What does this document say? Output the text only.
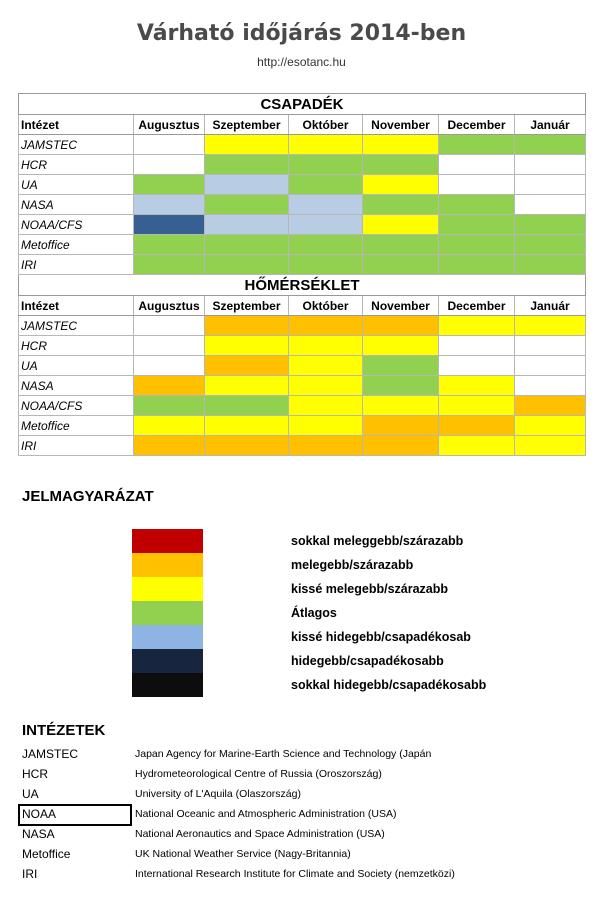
Várható időjárás 2014-ben
http://esotanc.hu
CSAPADÉK						
Intézet	Augusztus	Szeptember	Október	November	December	Január
JAMSTEC						
HCR						
UA						
NASA						
NOAA/CFS						
Metoffice						
IRI						
HŐMÉRSÉKLET						
Intézet	Augusztus	Szeptember	Október	November	December	Január
JAMSTEC						
HCR						
UA						
NASA						
NOAA/CFS						
Metoffice						
IRI						
JELMAGYARÁZAT
sokkal meleggebb/szárazabb
melegebb/szárazabb
kissé melegebb/szárazabb
Átlagos
kissé hidegebb/csapadékosab
hidegebb/csapadékosabb
sokkal hidegebb/csapadékosabb
INTÉZETEK
JAMSTEC	Japan Agency for Marine-Earth Science and Technology (Japán
HCR	Hydrometeorological Centre of Russia (Oroszország)
UA	University of L'Aquila (Olaszország)
NOAA	National Oceanic and Atmospheric Administration (USA)
NASA	National Aeronautics and Space Administration (USA)
Metoffice	UK National Weather Service (Nagy-Britannia)
IRI	International Research Institute for Climate and Society (nemzetközi)
